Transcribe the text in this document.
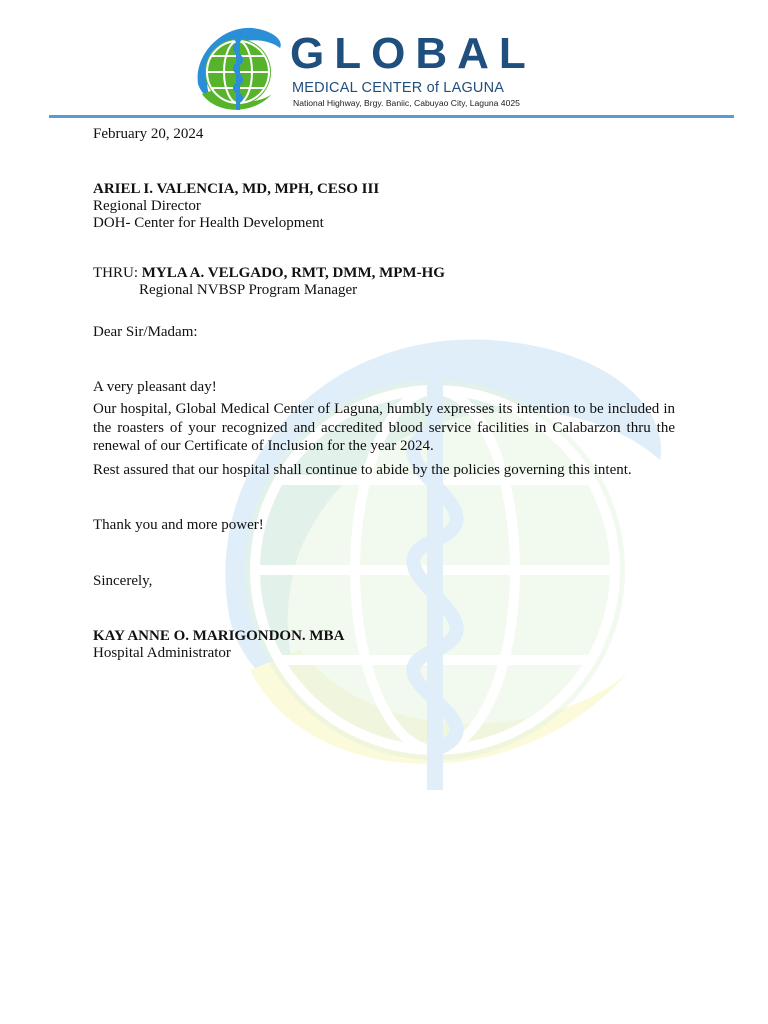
GLOBAL
MEDICAL CENTER of LAGUNA
National Highway, Brgy. Baniic, Cabuyao City, Laguna 4025
February 20, 2024
ARIEL I. VALENCIA, MD, MPH, CESO III
Regional Director
DOH- Center for Health Development
THRU: MYLA A. VELGADO, RMT, DMM, MPM-HG
Regional NVBSP Program Manager
Dear Sir/Madam:
A very pleasant day!
Our hospital, Global Medical Center of Laguna, humbly expresses its intention to be included in the roasters of your recognized and accredited blood service facilities in Calabarzon thru the renewal of our Certificate of Inclusion for the year 2024.
Rest assured that our hospital shall continue to abide by the policies governing this intent.
Thank you and more power!
Sincerely,
KAY ANNE O. MARIGONDON. MBA
Hospital Administrator
